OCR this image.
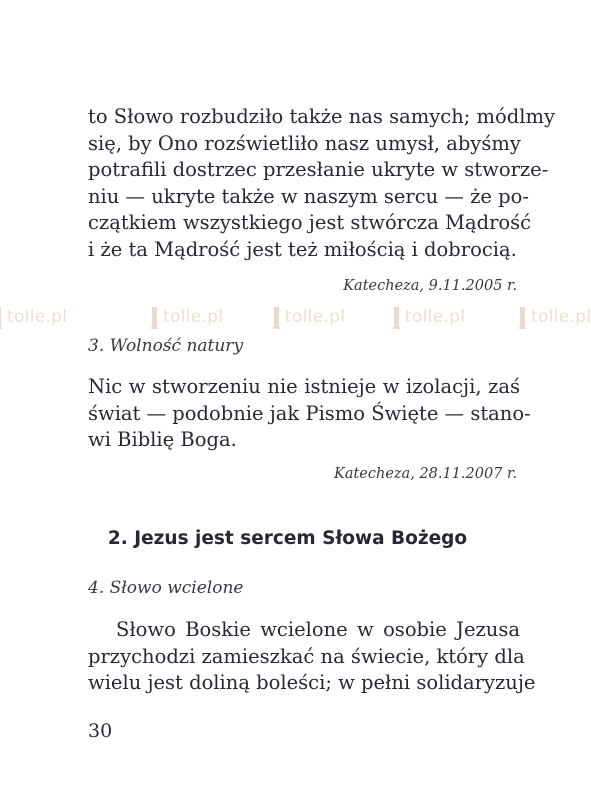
to Słowo rozbudziło także nas samych; módlmy
się, by Ono rozświetliło nasz umysł, abyśmy
potrafili dostrzec przesłanie ukryte w stworze-
niu — ukryte także w naszym sercu — że po-
czątkiem wszystkiego jest stwórcza Mądrość
i że ta Mądrość jest też miłością i dobrocią.

Katecheza, 9.11.2005 r.

tolle.pl	tolle.pl	tolle.pl	tolle.pl	tolle.pl

3. Wolność natury

Nic w stworzeniu nie istnieje w izolacji, zaś
świat — podobnie jak Pismo Święte — stano-
wi Biblię Boga.

Katecheza, 28.11.2007 r.

2. Jezus jest sercem Słowa Bożego

4. Słowo wcielone

Słowo Boskie wcielone w osobie Jezusa
przychodzi zamieszkać na świecie, który dla
wielu jest doliną boleści; w pełni solidaryzuje

30
